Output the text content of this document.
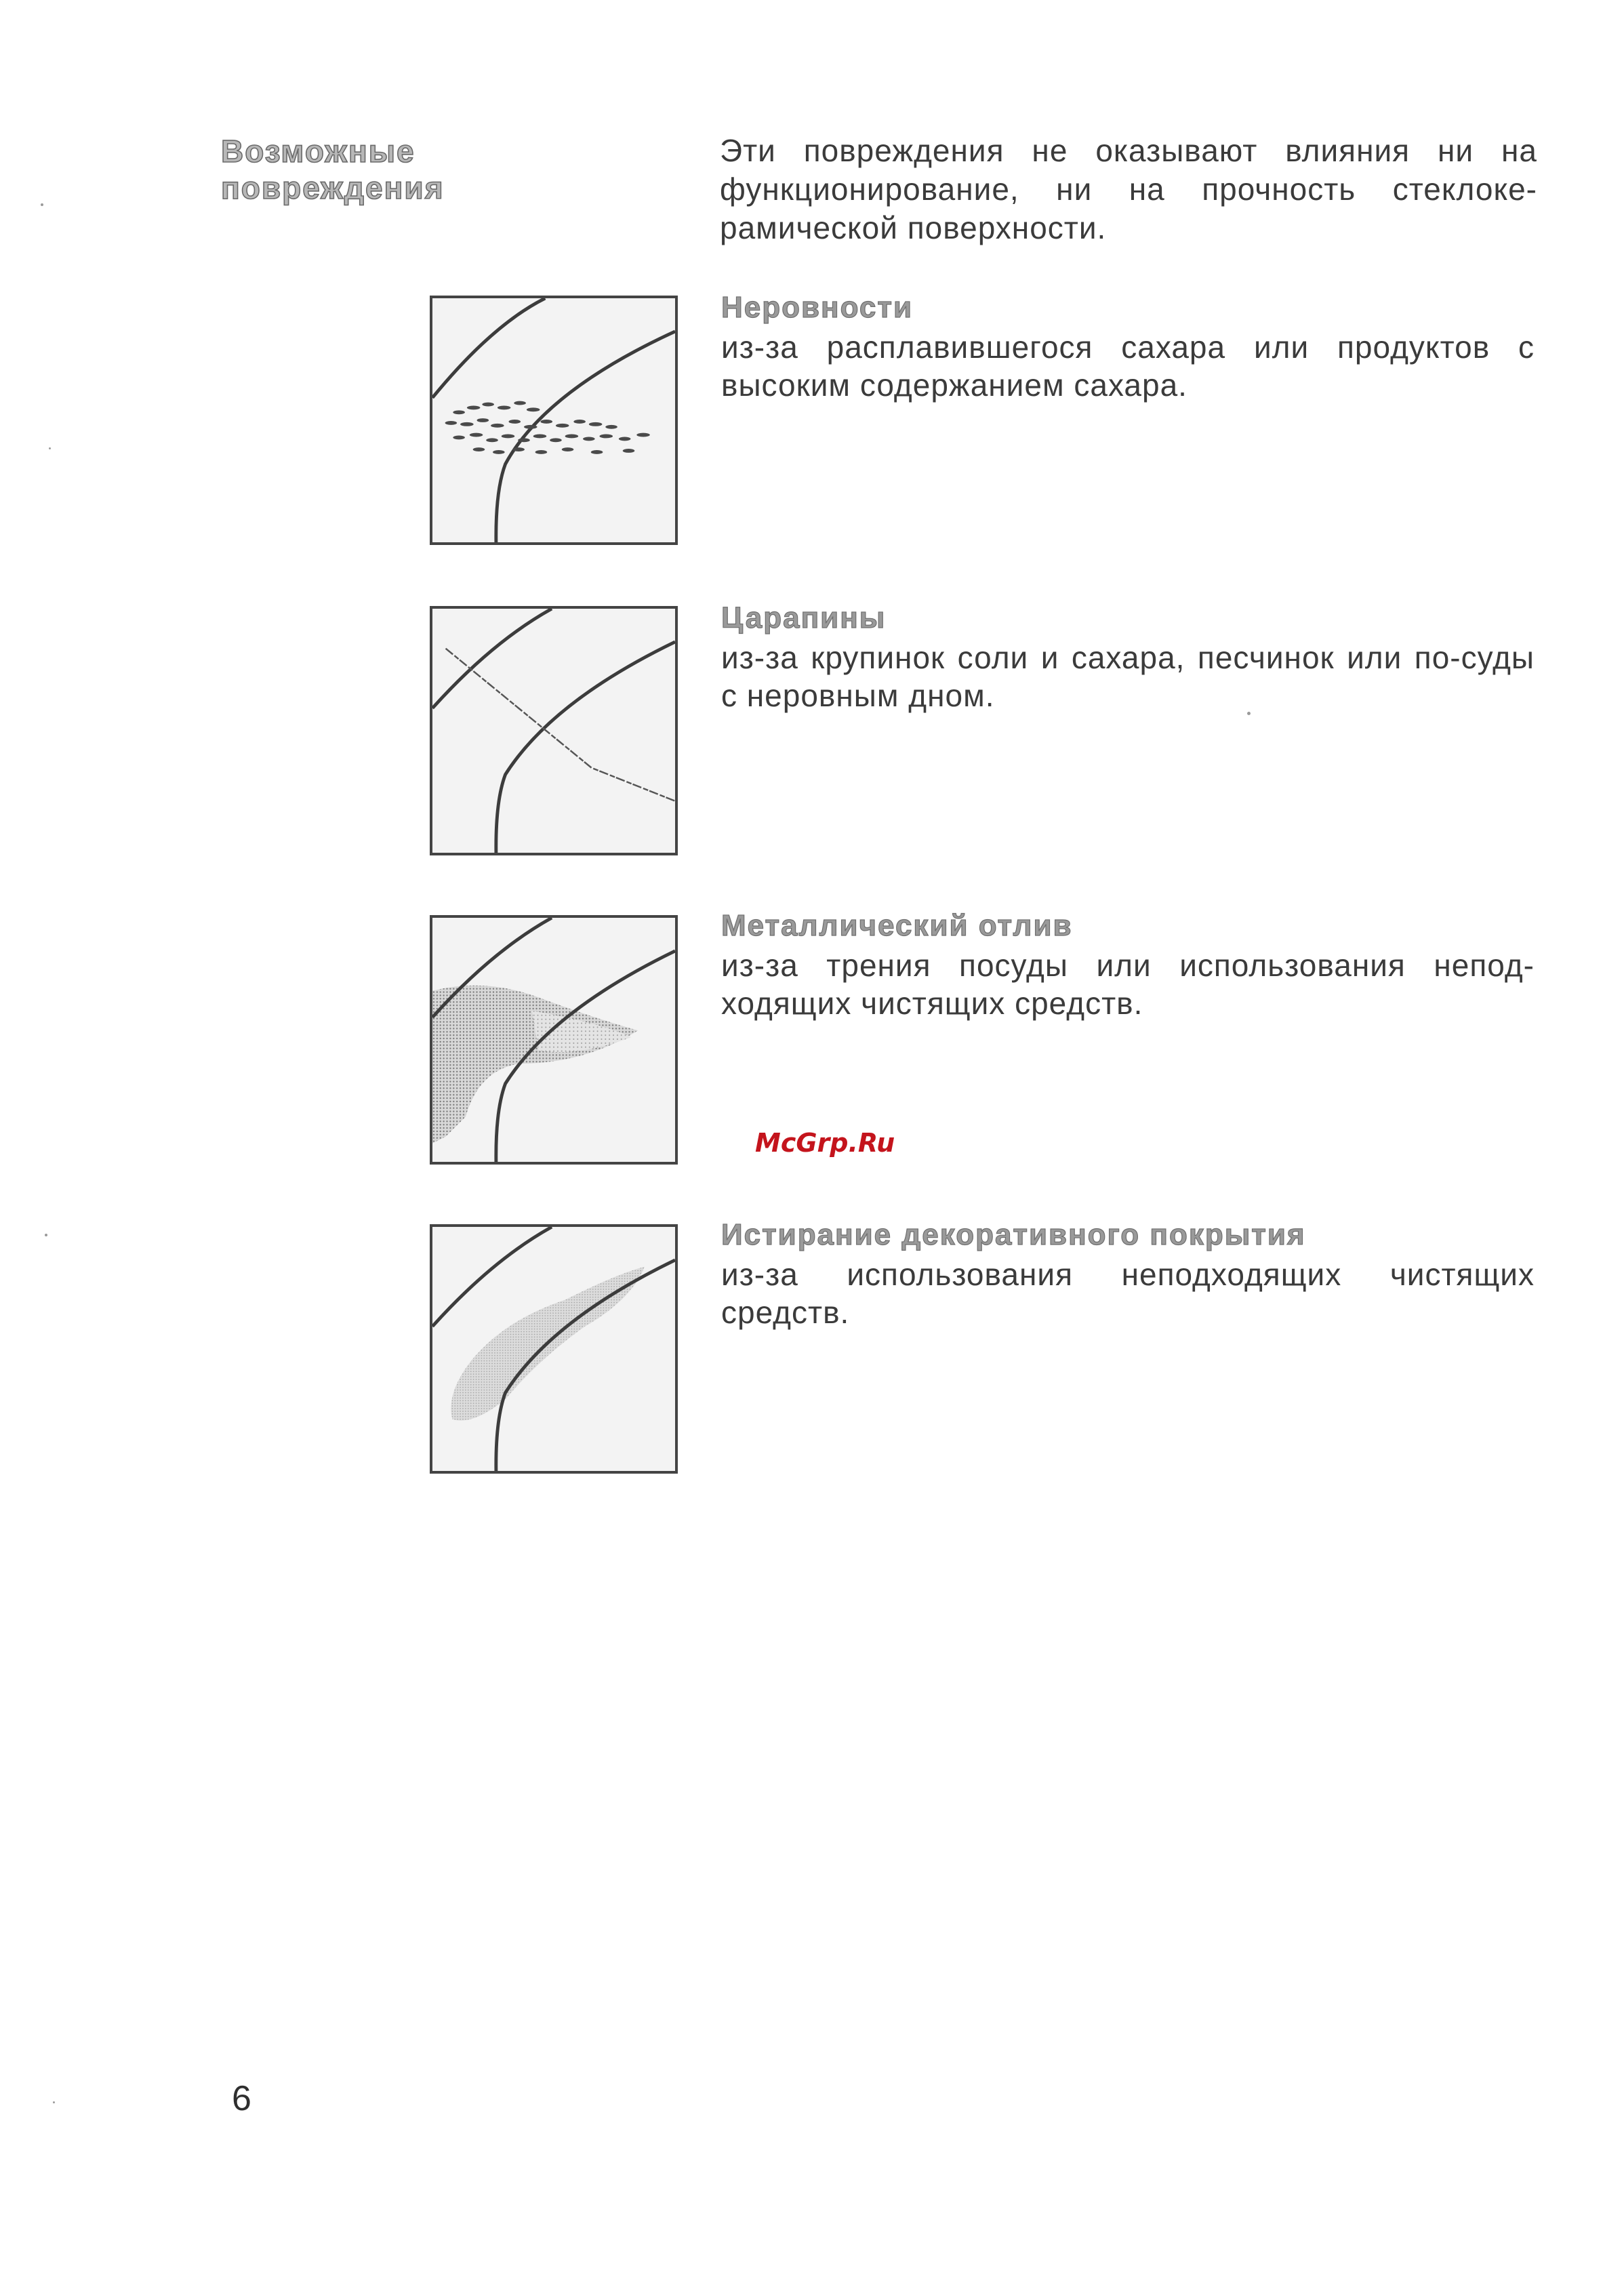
Возможные
повреждения

Эти повреждения не оказывают влияния ни на функционирование, ни на прочность стеклоке-рамической поверхности.

Неровности

из-за расплавившегося сахара или продуктов с высоким содержанием сахара.

Царапины

из-за крупинок соли и сахара, песчинок или по-суды с неровным дном.

Металлический отлив

из-за трения посуды или использования непод-ходящих чистящих средств.

McGrp.Ru

Истирание декоративного покрытия

из-за использования неподходящих чистящих средств.

6
